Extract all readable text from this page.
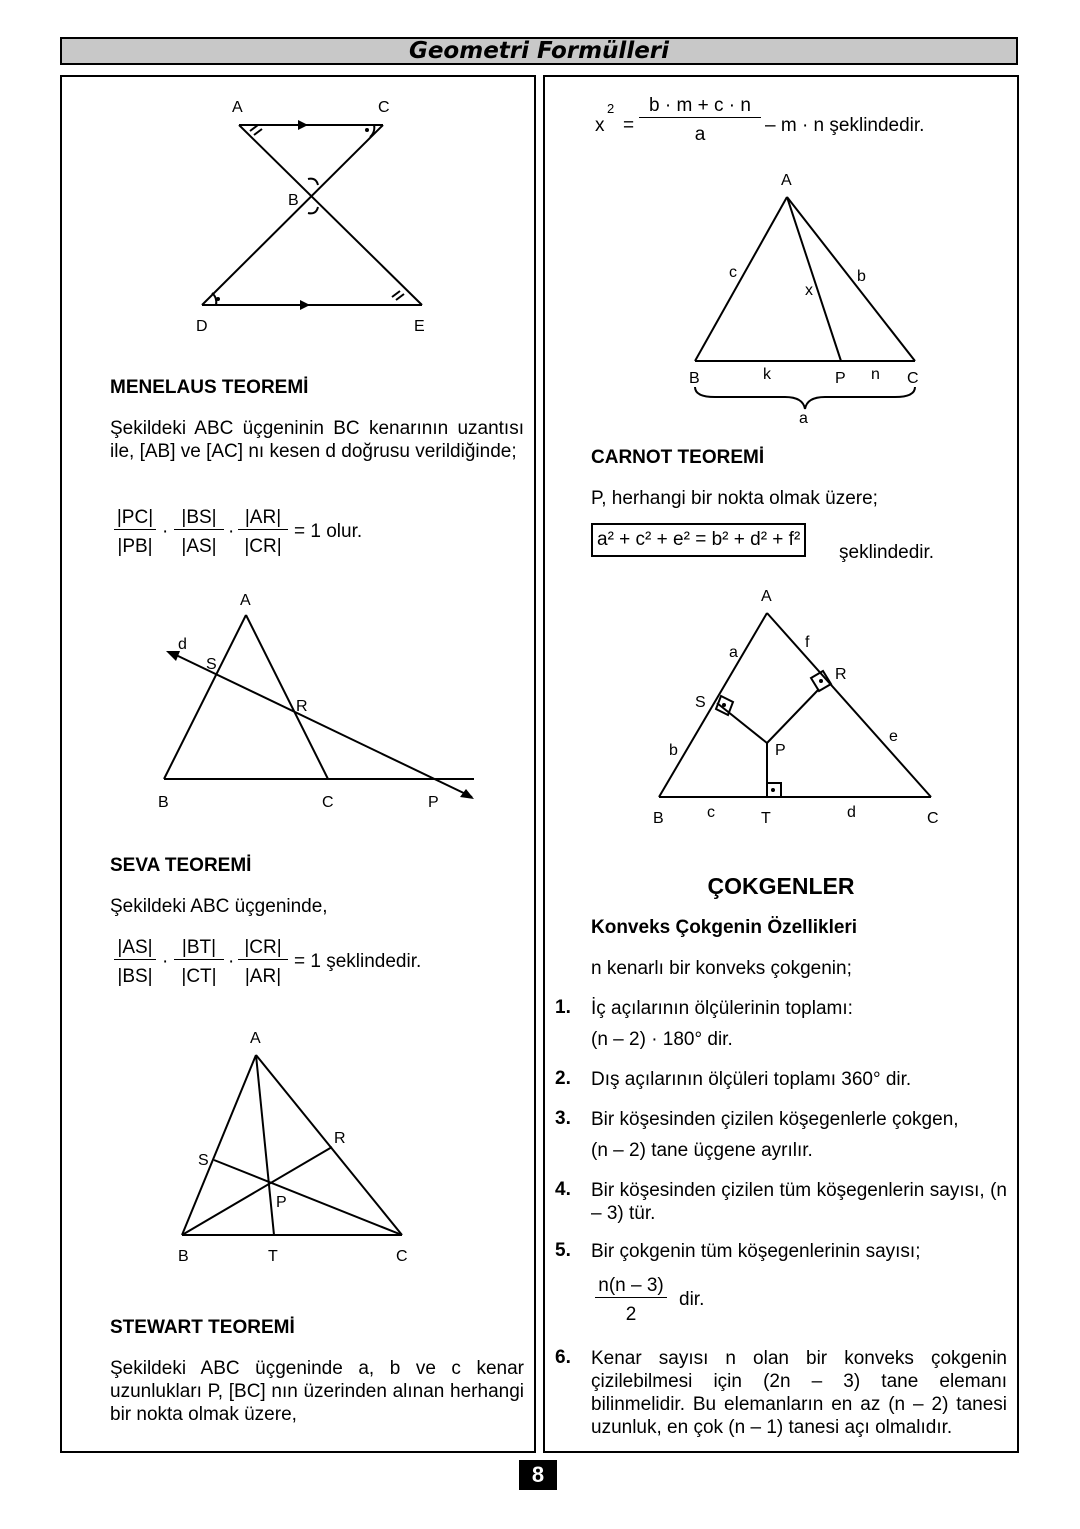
Geometri Formülleri
A	C
B
D	E
MENELAUS TEOREMİ
Şekildeki ABC üçgeninin BC kenarının uzantısı ile, [AB] ve [AC] nı kesen d doğrusu verildiğinde;
|PC|
|PB|
·
|BS|
|AS|
·
|AR|
|CR|
= 1 olur.
A
d
S
R
B	C	P
SEVA TEOREMİ
Şekildeki ABC üçgeninde,
|AS|
|BS|
·
|BT|
|CT|
·
|CR|
|AR|
= 1 şeklindedir.
A
R
S
P
B	T	C
STEWART TEOREMİ
Şekildeki ABC üçgeninde a, b ve c kenar uzunlukları P, [BC] nın üzerinden alınan herhangi bir nokta olmak üzere,
x
2
=
b · m + c · n
a	– m · n şeklindedir.
A
c	b
x
B	k	P n C
a
CARNOT TEOREMİ
P, herhangi bir nokta olmak üzere;
a² + c² + e² = b² + d² + f²
şeklindedir.
A
a
f
R
S
e
b	P
B	c	T	d	C
ÇOKGENLER
Konveks Çokgenin Özellikleri
n kenarlı bir konveks çokgenin;
1. İç açılarının ölçülerinin toplamı:
(n – 2) · 180° dir.
2. Dış açılarının ölçüleri toplamı 360° dir.
3. Bir köşesinden çizilen köşegenlerle çokgen,
(n – 2) tane üçgene ayrılır.
4. Bir köşesinden çizilen tüm köşegenlerin sayısı, (n – 3) tür.
5. Bir çokgenin tüm köşegenlerinin sayısı;
n(n – 3)
2
dir.
6. Kenar sayısı n olan bir konveks çokgenin çizilebilmesi için (2n – 3) tane elemanı bilinmelidir. Bu elemanların en az (n – 2) tanesi uzunluk, en çok (n – 1) tanesi açı olmalıdır.
8
